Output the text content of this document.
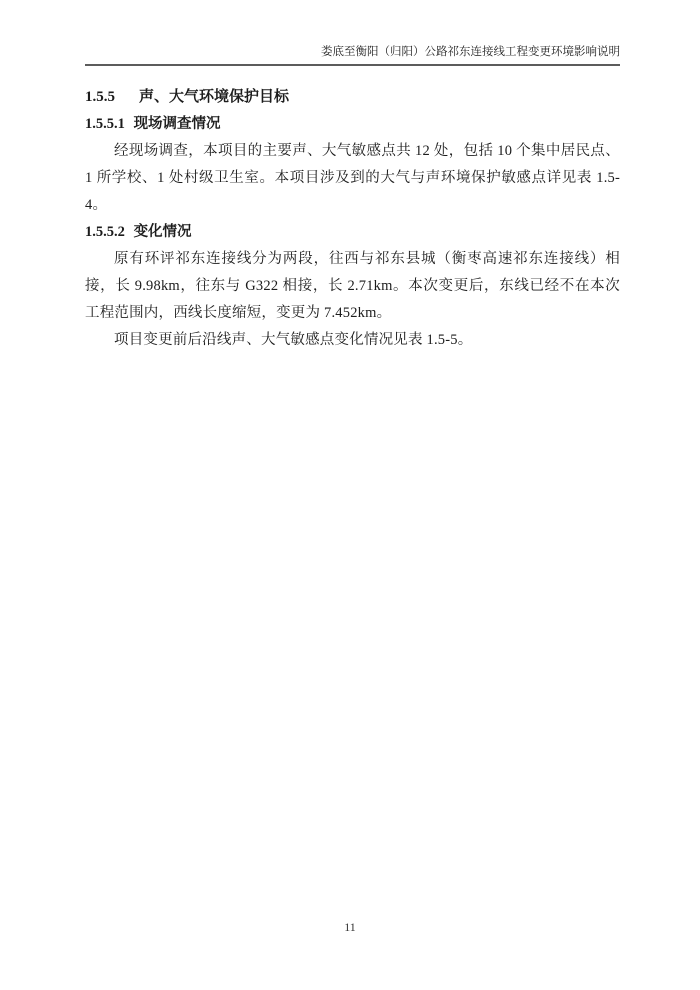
娄底至衡阳（归阳）公路祁东连接线工程变更环境影响说明

1.5.5 声、大气环境保护目标

1.5.5.1 现场调查情况

经现场调查，本项目的主要声、大气敏感点共 12 处，包括 10 个集中居民点、1 所学校、1 处村级卫生室。本项目涉及到的大气与声环境保护敏感点详见表 1.5-4。

1.5.5.2 变化情况

原有环评祁东连接线分为两段，往西与祁东县城（衡枣高速祁东连接线）相接，长 9.98km，往东与 G322 相接，长 2.71km。本次变更后，东线已经不在本次工程范围内，西线长度缩短，变更为 7.452km。

项目变更前后沿线声、大气敏感点变化情况见表 1.5-5。

11
